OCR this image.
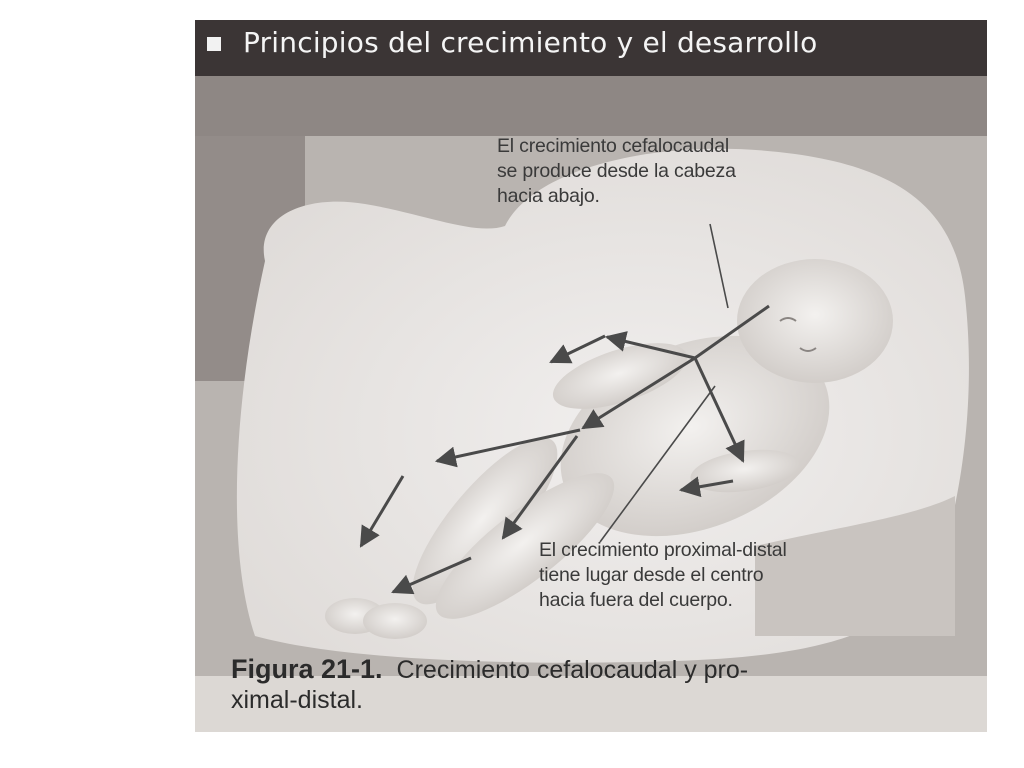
Principios del crecimiento y el desarrollo
El crecimiento cefalocaudal
se produce desde la cabeza
hacia abajo.
El crecimiento proximal-distal
tiene lugar desde el centro
hacia fuera del cuerpo.
Figura 21-1. Crecimiento cefalocaudal y pro-
ximal-distal.
